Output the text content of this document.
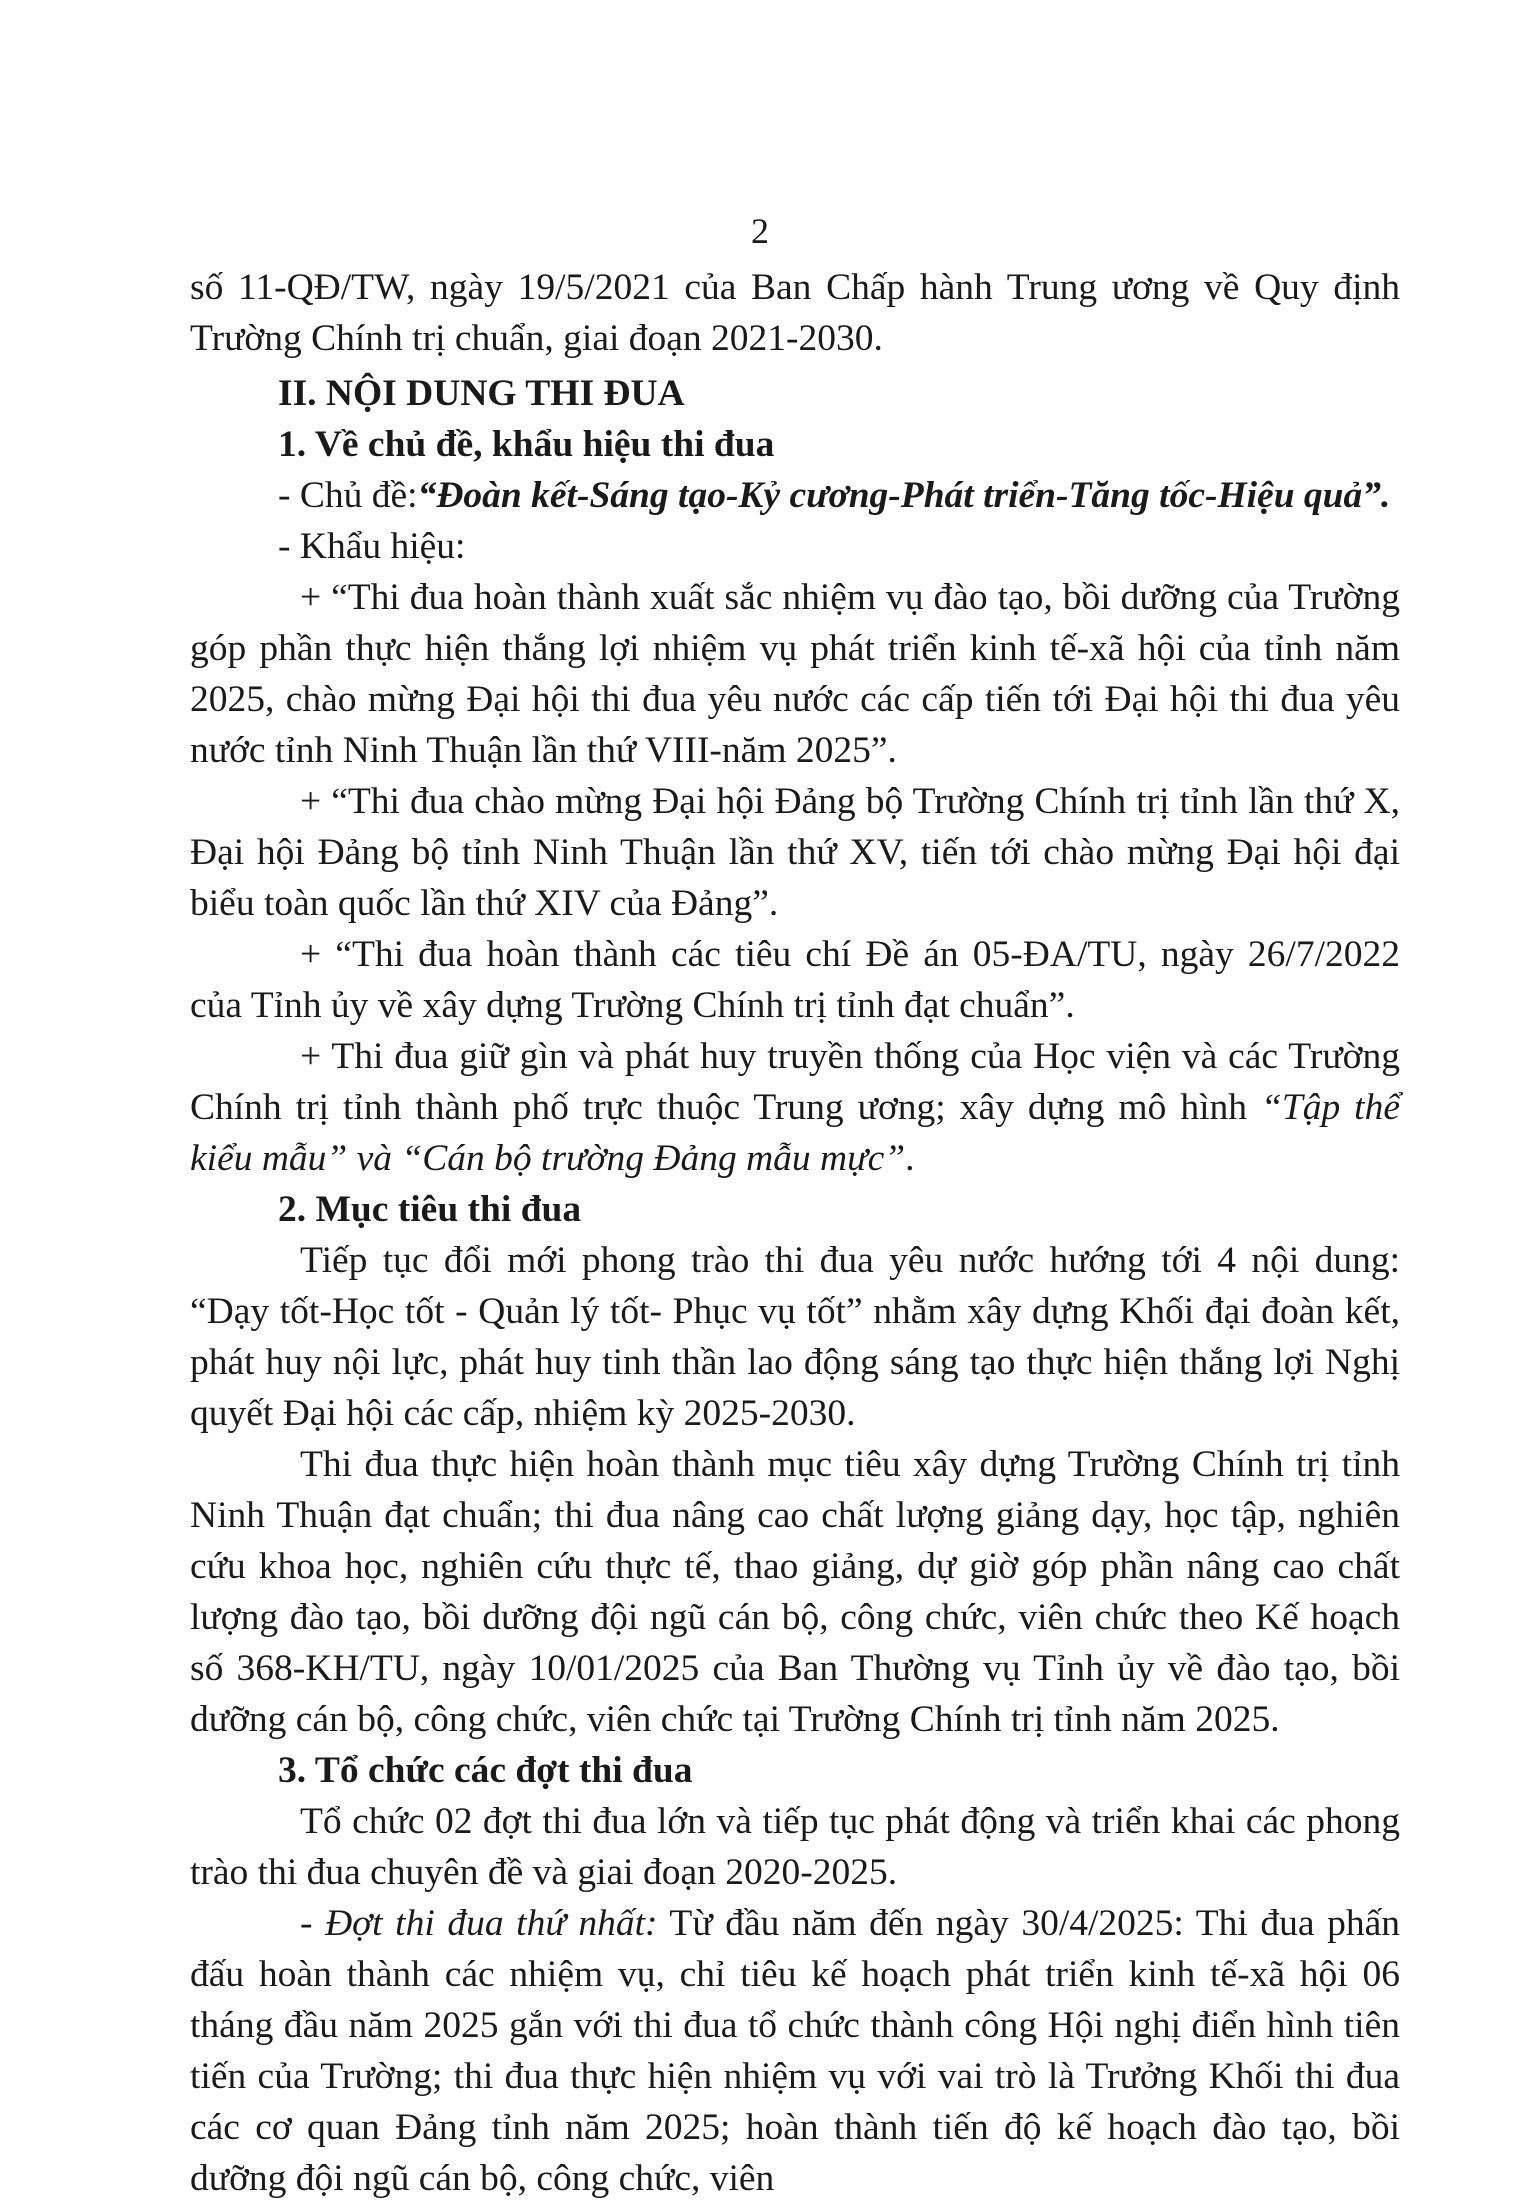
2

số 11-QĐ/TW, ngày 19/5/2021 của Ban Chấp hành Trung ương về Quy định Trường Chính trị chuẩn, giai đoạn 2021-2030.

II. NỘI DUNG THI ĐUA

1. Về chủ đề, khẩu hiệu thi đua

- Chủ đề:“Đoàn kết-Sáng tạo-Kỷ cương-Phát triển-Tăng tốc-Hiệu quả”.

- Khẩu hiệu:

+ “Thi đua hoàn thành xuất sắc nhiệm vụ đào tạo, bồi dưỡng của Trường góp phần thực hiện thắng lợi nhiệm vụ phát triển kinh tế-xã hội của tỉnh năm 2025, chào mừng Đại hội thi đua yêu nước các cấp tiến tới Đại hội thi đua yêu nước tỉnh Ninh Thuận lần thứ VIII-năm 2025”.

+ “Thi đua chào mừng Đại hội Đảng bộ Trường Chính trị tỉnh lần thứ X, Đại hội Đảng bộ tỉnh Ninh Thuận lần thứ XV, tiến tới chào mừng Đại hội đại biểu toàn quốc lần thứ XIV của Đảng”.

+ “Thi đua hoàn thành các tiêu chí Đề án 05-ĐA/TU, ngày 26/7/2022 của Tỉnh ủy về xây dựng Trường Chính trị tỉnh đạt chuẩn”.

+ Thi đua giữ gìn và phát huy truyền thống của Học viện và các Trường Chính trị tỉnh thành phố trực thuộc Trung ương; xây dựng mô hình “Tập thể kiểu mẫu” và “Cán bộ trường Đảng mẫu mực”.

2. Mục tiêu thi đua

Tiếp tục đổi mới phong trào thi đua yêu nước hướng tới 4 nội dung: “Dạy tốt-Học tốt - Quản lý tốt- Phục vụ tốt” nhằm xây dựng Khối đại đoàn kết, phát huy nội lực, phát huy tinh thần lao động sáng tạo thực hiện thắng lợi Nghị quyết Đại hội các cấp, nhiệm kỳ 2025-2030.

Thi đua thực hiện hoàn thành mục tiêu xây dựng Trường Chính trị tỉnh Ninh Thuận đạt chuẩn; thi đua nâng cao chất lượng giảng dạy, học tập, nghiên cứu khoa học, nghiên cứu thực tế, thao giảng, dự giờ góp phần nâng cao chất lượng đào tạo, bồi dưỡng đội ngũ cán bộ, công chức, viên chức theo Kế hoạch số 368-KH/TU, ngày 10/01/2025 của Ban Thường vụ Tỉnh ủy về đào tạo, bồi dưỡng cán bộ, công chức, viên chức tại Trường Chính trị tỉnh năm 2025.

3. Tổ chức các đợt thi đua

Tổ chức 02 đợt thi đua lớn và tiếp tục phát động và triển khai các phong trào thi đua chuyên đề và giai đoạn 2020-2025.

- Đợt thi đua thứ nhất: Từ đầu năm đến ngày 30/4/2025: Thi đua phấn đấu hoàn thành các nhiệm vụ, chỉ tiêu kế hoạch phát triển kinh tế-xã hội 06 tháng đầu năm 2025 gắn với thi đua tổ chức thành công Hội nghị điển hình tiên tiến của Trường; thi đua thực hiện nhiệm vụ với vai trò là Trưởng Khối thi đua các cơ quan Đảng tỉnh năm 2025; hoàn thành tiến độ kế hoạch đào tạo, bồi dưỡng đội ngũ cán bộ, công chức, viên
